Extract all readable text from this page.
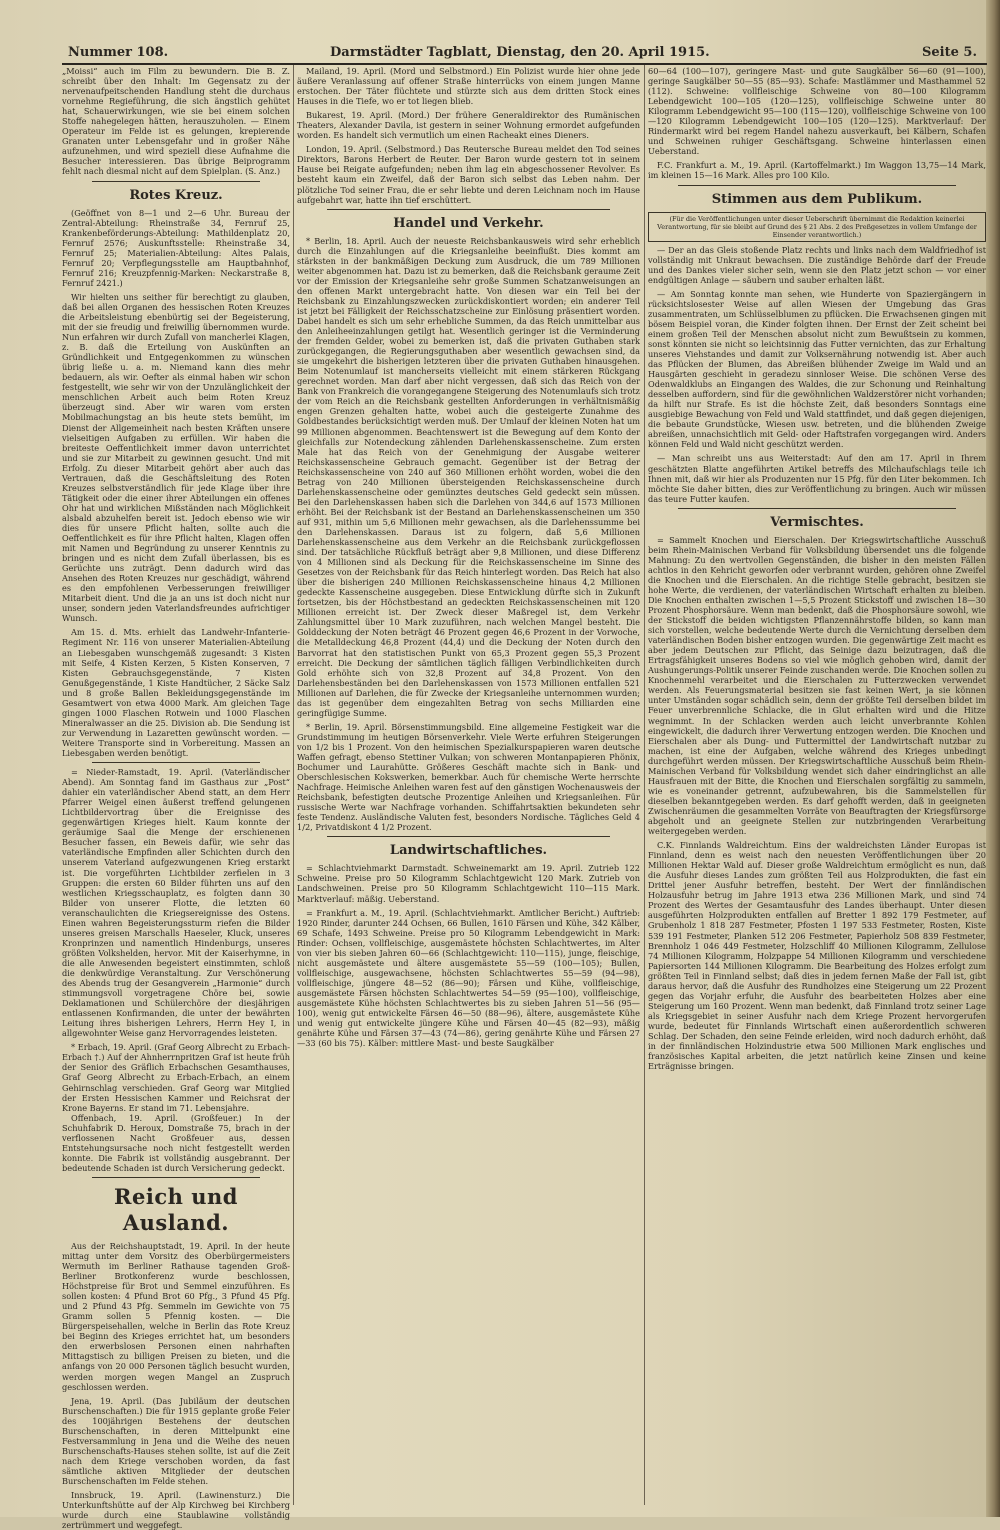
Nummer 108.	Darmstädter Tagblatt, Dienstag, den 20. April 1915.	Seite 5.

„Moissi“ auch im Film zu bewundern. Die B. Z. schreibt über den Inhalt: Im Gegensatz zu der nervenaufpeitschenden Handlung steht die durchaus vornehme Regieführung, die sich ängstlich gehütet hat, Schauerwirkungen, wie sie bei einem solchen Stoffe nahegelegen hätten, herauszuholen. — Einem Operateur im Felde ist es gelungen, krepierende Granaten unter Lebensgefahr und in großer Nähe aufzunehmen, und wird speziell diese Aufnahme die Besucher interessieren. Das übrige Beiprogramm fehlt nach diesmal nicht auf dem Spielplan. (S. Anz.)

Rotes Kreuz.

(Geöffnet von 8—1 und 2—6 Uhr. Bureau der Zentral-Abteilung: Rheinstraße 34, Fernruf 25, Krankenbeförderungs-Abteilung: Mathildenplatz 20, Fernruf 2576; Auskunftsstelle: Rheinstraße 34, Fernruf 25; Materialien-Abteilung: Altes Palais, Fernruf 20; Verpflegungsstelle am Hauptbahnhof, Fernruf 216; Kreuzpfennig-Marken: Neckarstraße 8, Fernruf 2421.)

Wir hielten uns seither für berechtigt zu glauben, daß bei allen Organen des hessischen Roten Kreuzes die Arbeitsleistung ebenbürtig sei der Begeisterung, mit der sie freudig und freiwillig übernommen wurde. Nun erfahren wir durch Zufall von mancherlei Klagen, z. B. daß die Erteilung von Auskünften an Gründlichkeit und Entgegenkommen zu wünschen übrig ließe u. a. m. Niemand kann dies mehr bedauern, als wir. Oefter als einmal haben wir schon festgestellt, wie sehr wir von der Unzulänglichkeit der menschlichen Arbeit auch beim Roten Kreuz überzeugt sind. Aber wir waren vom ersten Mobilmachungstag an bis heute stets bemüht, im Dienst der Allgemeinheit nach besten Kräften unsere vielseitigen Aufgaben zu erfüllen. Wir haben die breiteste Oeffentlichkeit immer davon unterrichtet und sie zur Mitarbeit zu gewinnen gesucht. Und mit Erfolg. Zu dieser Mitarbeit gehört aber auch das Vertrauen, daß die Geschäftsleitung des Roten Kreuzes selbstverständlich für jede Klage über ihre Tätigkeit oder die einer ihrer Abteilungen ein offenes Ohr hat und wirklichen Mißständen nach Möglichkeit alsbald abzuhelfen bereit ist. Jedoch ebenso wie wir dies für unsere Pflicht halten, sollte auch die Oeffentlichkeit es für ihre Pflicht halten, Klagen offen mit Namen und Begründung zu unserer Kenntnis zu bringen und es nicht dem Zufall überlassen, bis es Gerüchte uns zuträgt. Denn dadurch wird das Ansehen des Roten Kreuzes nur geschädigt, während es den empfohlenen Verbesserungen freiwilliger Mitarbeit dient. Und die ja an uns ist doch nicht nur unser, sondern jeden Vaterlandsfreundes aufrichtiger Wunsch.

Am 15. d. Mts. erhielt das Landwehr-Infanterie-Regiment Nr. 116 von unserer Materialien-Abteilung an Liebesgaben wunschgemäß zugesandt: 3 Kisten mit Seife, 4 Kisten Kerzen, 5 Kisten Konserven, 7 Kisten Gebrauchsgegenstände, 7 Kisten Genußgegenstände, 1 Kiste Handtücher, 2 Säcke Salz und 8 große Ballen Bekleidungsgegenstände im Gesamtwert von etwa 4000 Mark. Am gleichen Tage gingen 1000 Flaschen Rotwein und 1000 Flaschen Mineralwasser an die 25. Division ab. Die Sendung ist zur Verwendung in Lazaretten gewünscht worden. — Weitere Transporte sind in Vorbereitung. Massen an Liebesgaben werden benötigt.

= Nieder-Ramstadt, 19. April. (Vaterländischer Abend). Am Sonntag fand im Gasthaus zur „Post“ dahier ein vaterländischer Abend statt, an dem Herr Pfarrer Weigel einen äußerst treffend gelungenen Lichtbildervortrag über die Ereignisse des gegenwärtigen Krieges hielt. Kaum konnte der geräumige Saal die Menge der erschienenen Besucher fassen, ein Beweis dafür, wie sehr das vaterländische Empfinden aller Schichten durch den unserem Vaterland aufgezwungenen Krieg erstarkt ist. Die vorgeführten Lichtbilder zerfielen in 3 Gruppen: die ersten 60 Bilder führten uns auf den westlichen Kriegsschauplatz, es folgten dann 30 Bilder von unserer Flotte, die letzten 60 veranschaulichten die Kriegsereignisse des Ostens. Einen wahren Begeisterungssturm riefen die Bilder unseres greisen Marschalls Haeseler, Kluck, unseres Kronprinzen und namentlich Hindenburgs, unseres größten Volkshelden, hervor. Mit der Kaiserhymne, in die alle Anwesenden begeistert einstimmten, schloß die denkwürdige Veranstaltung. Zur Verschönerung des Abends trug der Gesangverein „Harmonie“ durch stimmungsvoll vorgetragene Chöre bei, sowie Deklamationen und Schülerchöre der diesjährigen entlassenen Konfirmanden, die unter der bewährten Leitung ihres bisherigen Lehrers, Herrn Hey I, in allgewohnter Weise ganz Hervorragendes leisteten.

* Erbach, 19. April. (Graf Georg Albrecht zu Erbach-Erbach †.) Auf der Ahnherrnpritzen Graf ist heute früh der Senior des Gräflich Erbachschen Gesamthauses, Graf Georg Albrecht zu Erbach-Erbach, an einem Gehirnschlag verschieden. Graf Georg war Mitglied der Ersten Hessischen Kammer und Reichsrat der Krone Bayerns. Er stand im 71. Lebensjahre.

Offenbach, 19. April. (Großfeuer.) In der Schuhfabrik D. Heroux, Domstraße 75, brach in der verflossenen Nacht Großfeuer aus, dessen Entstehungsursache noch nicht festgestellt werden konnte. Die Fabrik ist vollständig ausgebrannt. Der bedeutende Schaden ist durch Versicherung gedeckt.

Reich und Ausland.

Aus der Reichshauptstadt, 19. April. In der heute mittag unter dem Vorsitz des Oberbürgermeisters Wermuth im Berliner Rathause tagenden Groß-Berliner Brotkonferenz wurde beschlossen, Höchstpreise für Brot und Semmel einzuführen. Es sollen kosten: 4 Pfund Brot 60 Pfg., 3 Pfund 45 Pfg. und 2 Pfund 43 Pfg. Semmeln im Gewichte von 75 Gramm sollen 5 Pfennig kosten. — Die Bürgerspeisehallen, welche in Berlin das Rote Kreuz bei Beginn des Krieges errichtet hat, um besonders den erwerbslosen Personen einen nahrhaften Mittagstisch zu billigen Preisen zu bieten, und die anfangs von 20 000 Personen täglich besucht wurden, werden morgen wegen Mangel an Zuspruch geschlossen werden.

Jena, 19. April. (Das Jubiläum der deutschen Burschenschaften.) Die für 1915 geplante große Feier des 100jährigen Bestehens der deutschen Burschenschaften, in deren Mittelpunkt eine Festversammlung in Jena und die Weihe des neuen Burschenschafts-Hauses stehen sollte, ist auf die Zeit nach dem Kriege verschoben worden, da fast sämtliche aktiven Mitglieder der deutschen Burschenschaften im Felde stehen.

Innsbruck, 19. April. (Lawinensturz.) Die Unterkunftshütte auf der Alp Kirchweg bei Kirchberg wurde durch eine Staublawine vollständig zertrümmert und weggefegt.

Mailand, 19. April. (Mord und Selbstmord.) Ein Polizist wurde hier ohne jede äußere Veranlassung auf offener Straße hinterrücks von einem jungen Manne erstochen. Der Täter flüchtete und stürzte sich aus dem dritten Stock eines Hauses in die Tiefe, wo er tot liegen blieb.

Bukarest, 19. April. (Mord.) Der frühere Generaldirektor des Rumänischen Theaters, Alexander Davila, ist gestern in seiner Wohnung ermordet aufgefunden worden. Es handelt sich vermutlich um einen Racheakt eines Dieners.

London, 19. April. (Selbstmord.) Das Reutersche Bureau meldet den Tod seines Direktors, Barons Herbert de Reuter. Der Baron wurde gestern tot in seinem Hause bei Reigate aufgefunden; neben ihm lag ein abgeschossener Revolver. Es besteht kaum ein Zweifel, daß der Baron sich selbst das Leben nahm. Der plötzliche Tod seiner Frau, die er sehr liebte und deren Leichnam noch im Hause aufgebahrt war, hatte ihn tief erschüttert.

Handel und Verkehr.

* Berlin, 18. April. Auch der neueste Reichsbankausweis wird sehr erheblich durch die Einzahlungen auf die Kriegsanleihe beeinflußt. Dies kommt am stärksten in der bankmäßigen Deckung zum Ausdruck, die um 789 Millionen weiter abgenommen hat. Dazu ist zu bemerken, daß die Reichsbank geraume Zeit vor der Emission der Kriegsanleihe sehr große Summen Schatzanweisungen an den offenen Markt untergebracht hatte. Von diesen war ein Teil bei der Reichsbank zu Einzahlungszwecken zurückdiskontiert worden; ein anderer Teil ist jetzt bei Fälligkeit der Reichsschatzscheine zur Einlösung präsentiert worden. Dabei handelt es sich um sehr erhebliche Summen, da das Reich unmittelbar aus den Anleiheeinzahlungen getilgt hat. Wesentlich geringer ist die Verminderung der fremden Gelder, wobei zu bemerken ist, daß die privaten Guthaben stark zurückgegangen, die Regierungsguthaben aber wesentlich gewachsen sind, da sie umgekehrt die bisherigen letzteren über die privaten Guthaben hinausgehen. Beim Notenumlauf ist mancherseits vielleicht mit einem stärkeren Rückgang gerechnet worden. Man darf aber nicht vergessen, daß sich das Reich von der Bank von Frankreich die vorangegangene Steigerung des Notenumlaufs sich trotz der vom Reich an die Reichsbank gestellten Anforderungen in verhältnismäßig engen Grenzen gehalten hatte, wobei auch die gesteigerte Zunahme des Goldbestandes berücksichtigt werden muß. Der Umlauf der kleinen Noten hat um 99 Millionen abgenommen. Beachtenswert ist die Bewegung auf dem Konto der gleichfalls zur Notendeckung zählenden Darlehenskassenscheine. Zum ersten Male hat das Reich von der Genehmigung der Ausgabe weiterer Reichskassenscheine Gebrauch gemacht. Gegenüber ist der Betrag der Reichskassenscheine von 240 auf 360 Millionen erhöht worden, wobei die den Betrag von 240 Millionen übersteigenden Reichskassenscheine durch Darlehenskassenscheine oder gemünztes deutsches Geld gedeckt sein müssen. Bei den Darlehenskassen haben sich die Darlehen von 344,6 auf 1573 Millionen erhöht. Bei der Reichsbank ist der Bestand an Darlehenskassenscheinen um 350 auf 931, mithin um 5,6 Millionen mehr gewachsen, als die Darlehenssumme bei den Darlehenskassen. Daraus ist zu folgern, daß 5,6 Millionen Darlehenskassenscheine aus dem Verkehr an die Reichsbank zurückgeflossen sind. Der tatsächliche Rückfluß beträgt aber 9,8 Millionen, und diese Differenz von 4 Millionen sind als Deckung für die Reichskassenscheine im Sinne des Gesetzes von der Reichsbank für das Reich hinterlegt worden. Das Reich hat also über die bisherigen 240 Millionen Reichskassenscheine hinaus 4,2 Millionen gedeckte Kassenscheine ausgegeben. Diese Entwicklung dürfte sich in Zukunft fortsetzen, bis der Höchstbestand an gedeckten Reichskassenscheinen mit 120 Millionen erreicht ist. Der Zweck dieser Maßregel ist, dem Verkehr Zahlungsmittel über 10 Mark zuzuführen, nach welchen Mangel besteht. Die Golddeckung der Noten beträgt 46 Prozent gegen 46,6 Prozent in der Vorwoche, die Metalldeckung 46,8 Prozent (44,4) und die Deckung der Noten durch den Barvorrat hat den statistischen Punkt von 65,3 Prozent gegen 55,3 Prozent erreicht. Die Deckung der sämtlichen täglich fälligen Verbindlichkeiten durch Gold erhöhte sich von 32,8 Prozent auf 34,8 Prozent. Von den Darlehensbeständen bei den Darlehenskassen von 1573 Millionen entfallen 521 Millionen auf Darlehen, die für Zwecke der Kriegsanleihe unternommen wurden; das ist gegenüber dem eingezahlten Betrag von sechs Milliarden eine geringfügige Summe.

* Berlin, 19. April. Börsenstimmungsbild. Eine allgemeine Festigkeit war die Grundstimmung im heutigen Börsenverkehr. Viele Werte erfuhren Steigerungen von 1/2 bis 1 Prozent. Von den heimischen Spezialkurspapieren waren deutsche Waffen gefragt, ebenso Stettiner Vulkan; von schweren Montanpapieren Phönix, Bochumer und Laurahütte. Größeres Geschäft machte sich in Bank- und Oberschlesischen Kokswerken, bemerkbar. Auch für chemische Werte herrschte Nachfrage. Heimische Anleihen waren fest auf den gänstigen Wochenausweis der Reichsbank, befestigten deutsche Prozentige Anleihen und Kriegsanleihen. Für russische Werte war Nachfrage vorhanden. Schiffahrtsaktien bekundeten sehr feste Tendenz. Ausländische Valuten fest, besonders Nordische. Tägliches Geld 4 1/2, Privatdiskont 4 1/2 Prozent.

Landwirtschaftliches.

= Schlachtviehmarkt Darmstadt. Schweinemarkt am 19. April. Zutrieb 122 Schweine. Preise pro 50 Kilogramm Schlachtgewicht 120 Mark. Zutrieb von Landschweinen. Preise pro 50 Kilogramm Schlachtgewicht 110—115 Mark. Marktverlauf: mäßig. Ueberstand.

= Frankfurt a. M., 19. April. (Schlachtviehmarkt. Amtlicher Bericht.) Auftrieb: 1920 Rinder, darunter 244 Ochsen, 66 Bullen, 1610 Färsen und Kühe, 342 Kälber, 69 Schafe, 1493 Schweine. Preise pro 50 Kilogramm Lebendgewicht in Mark: Rinder: Ochsen, vollfleischige, ausgemästete höchsten Schlachtwertes, im Alter von vier bis sieben Jahren 60—66 (Schlachtgewicht: 110—115), junge, fleischige, nicht ausgemästete und ältere ausgemästete 55—59 (100—105); Bullen, vollfleischige, ausgewachsene, höchsten Schlachtwertes 55—59 (94—98), vollfleischige, jüngere 48—52 (86—90); Färsen und Kühe, vollfleischige, ausgemästete Färsen höchsten Schlachtwertes 54—59 (95—100), vollfleischige, ausgemästete Kühe höchsten Schlachtwertes bis zu sieben Jahren 51—56 (95—100), wenig gut entwickelte Färsen 46—50 (88—96), ältere, ausgemästete Kühe und wenig gut entwickelte jüngere Kühe und Färsen 40—45 (82—93), mäßig genährte Kühe und Färsen 37—43 (74—86), gering genährte Kühe und Färsen 27—33 (60 bis 75). Kälber: mittlere Mast- und beste Saugkälber

60—64 (100—107), geringere Mast- und gute Saugkälber 56—60 (91—100), geringe Saugkälber 50—55 (85—93). Schafe: Mastlämmer und Masthammel 52 (112). Schweine: vollfleischige Schweine von 80—100 Kilogramm Lebendgewicht 100—105 (120—125), vollfleischige Schweine unter 80 Kilogramm Lebendgewicht 95—100 (115—120), vollfleischige Schweine von 100—120 Kilogramm Lebendgewicht 100—105 (120—125). Marktverlauf: Der Rindermarkt wird bei regem Handel nahezu ausverkauft, bei Kälbern, Schafen und Schweinen ruhiger Geschäftsgang. Schweine hinterlassen einen Ueberstand.

F.C. Frankfurt a. M., 19. April. (Kartoffelmarkt.) Im Waggon 13,75—14 Mark, im kleinen 15—16 Mark. Alles pro 100 Kilo.

Stimmen aus dem Publikum.
(Für die Veröffentlichungen unter dieser Ueberschrift übernimmt die Redaktion keinerlei Verantwortung, für sie bleibt auf Grund des § 21 Abs. 2 des Preßgesetzes in vollem Umfange der Einsender verantwortlich.)

— Der an das Gleis stoßende Platz rechts und links nach dem Waldfriedhof ist vollständig mit Unkraut bewachsen. Die zuständige Behörde darf der Freude und des Dankes vieler sicher sein, wenn sie den Platz jetzt schon — vor einer endgültigen Anlage — säubern und sauber erhalten läßt.

— Am Sonntag konnte man sehen, wie Hunderte von Spaziergängern in rücksichtslosester Weise auf allen Wiesen der Umgebung das Gras zusammentraten, um Schlüsselblumen zu pflücken. Die Erwachsenen gingen mit bösem Beispiel voran, die Kinder folgten ihnen. Der Ernst der Zeit scheint bei einem großen Teil der Menschen absolut nicht zum Bewußtsein zu kommen, sonst könnten sie nicht so leichtsinnig das Futter vernichten, das zur Erhaltung unseres Viehstandes und damit zur Volksernährung notwendig ist. Aber auch das Pflücken der Blumen, das Abreißen blühender Zweige im Wald und an Hausgärten geschieht in geradezu sinnloser Weise. Die schönen Verse des Odenwaldklubs an Eingangen des Waldes, die zur Schonung und Reinhaltung desselben auffordern, sind für die gewöhnlichen Waldzerstörer nicht vorhanden; da hilft nur Strafe. Es ist die höchste Zeit, daß besonders Sonntags eine ausgiebige Bewachung von Feld und Wald stattfindet, und daß gegen diejenigen, die bebaute Grundstücke, Wiesen usw. betreten, und die blühenden Zweige abreißen, unnachsichtlich mit Geld- oder Haftstrafen vorgegangen wird. Anders können Feld und Wald nicht geschützt werden.

— Man schreibt uns aus Weiterstadt: Auf den am 17. April in Ihrem geschätzten Blatte angeführten Artikel betreffs des Milchaufschlags teile ich Ihnen mit, daß wir hier als Produzenten nur 15 Pfg. für den Liter bekommen. Ich möchte Sie daher bitten, dies zur Veröffentlichung zu bringen. Auch wir müssen das teure Futter kaufen.

Vermischtes.

= Sammelt Knochen und Eierschalen. Der Kriegswirtschaftliche Ausschuß beim Rhein-Mainischen Verband für Volksbildung übersendet uns die folgende Mahnung: Zu den wertvollen Gegenständen, die bisher in den meisten Fällen achtlos in den Kehricht geworfen oder verbrannt wurden, gehören ohne Zweifel die Knochen und die Eierschalen. An die richtige Stelle gebracht, besitzen sie hohe Werte, die verdienen, der vaterländischen Wirtschaft erhalten zu bleiben. Die Knochen enthalten zwischen 1—5,5 Prozent Stickstoff und zwischen 18—30 Prozent Phosphorsäure. Wenn man bedenkt, daß die Phosphorsäure sowohl, wie der Stickstoff die beiden wichtigsten Pflanzennährstoffe bilden, so kann man sich vorstellen, welche bedeutende Werte durch die Vernichtung derselben dem vaterländischen Boden bisher entzogen wurden. Die gegenwärtige Zeit macht es aber jedem Deutschen zur Pflicht, das Seinige dazu beizutragen, daß die Ertragsfähigkeit unseres Bodens so viel wie möglich gehoben wird, damit der Aushungerungs-Politik unserer Feinde zuschanden werde. Die Knochen sollen zu Knochenmehl verarbeitet und die Eierschalen zu Futterzwecken verwendet werden. Als Feuerungsmaterial besitzen sie fast keinen Wert, ja sie können unter Umständen sogar schädlich sein, denn der größte Teil derselben bildet im Feuer unverbrennliche Schlacke, die in Glut erhalten wird und die Hitze wegnimmt. In der Schlacken werden auch leicht unverbrannte Kohlen eingewickelt, die dadurch ihrer Verwertung entzogen werden. Die Knochen und Eierschalen aber als Dung- und Futtermittel der Landwirtschaft nutzbar zu machen, ist eine der Aufgaben, welche während des Krieges unbedingt durchgeführt werden müssen. Der Kriegswirtschaftliche Ausschuß beim Rhein-Mainischen Verband für Volksbildung wendet sich daher eindringlichst an alle Hausfrauen mit der Bitte, die Knochen und Eierschalen sorgfältig zu sammeln, wie es voneinander getrennt, aufzubewahren, bis die Sammelstellen für dieselben bekanntgegeben werden. Es darf gehofft werden, daß in geeigneten Zwischenräumen die gesammelten Vorräte von Beauftragten der Kriegsfürsorge abgeholt und an geeignete Stellen zur nutzbringenden Verarbeitung weitergegeben werden.

C.K. Finnlands Waldreichtum. Eins der waldreichsten Länder Europas ist Finnland, denn es weist nach den neuesten Veröffentlichungen über 20 Millionen Hektar Wald auf. Dieser große Waldreichtum ermöglicht es nun, daß die Ausfuhr dieses Landes zum größten Teil aus Holzprodukten, die fast ein Drittel jener Ausfuhr betreffen, besteht. Der Wert der finnländischen Holzausfuhr betrug im Jahre 1913 etwa 236 Millionen Mark, und sind 74 Prozent des Wertes der Gesamtausfuhr des Landes überhaupt. Unter diesen ausgeführten Holzprodukten entfallen auf Bretter 1 892 179 Festmeter, auf Grubenholz 1 818 287 Festmeter, Pfosten 1 197 533 Festmeter, Rosten, Kiste 539 191 Festmeter, Planken 512 206 Festmeter, Papierholz 508 839 Festmeter, Brennholz 1 046 449 Festmeter, Holzschliff 40 Millionen Kilogramm, Zellulose 74 Millionen Kilogramm, Holzpappe 54 Millionen Kilogramm und verschiedene Papiersorten 144 Millionen Kilogramm. Die Bearbeitung des Holzes erfolgt zum größten Teil in Finnland selbst; daß dies in jedem fernen Maße der Fall ist, gibt daraus hervor, daß die Ausfuhr des Rundholzes eine Steigerung um 22 Prozent gegen das Vorjahr erfuhr, die Ausfuhr des bearbeiteten Holzes aber eine Steigerung um 160 Prozent. Wenn man bedenkt, daß Finnland trotz seiner Lage als Kriegsgebiet in seiner Ausfuhr nach dem Kriege Prozent hervorgerufen wurde, bedeutet für Finnlands Wirtschaft einen außerordentlich schweren Schlag. Der Schaden, den seine Feinde erleiden, wird noch dadurch erhöht, daß in der finnländischen Holzindustrie etwa 500 Millionen Mark englisches und französisches Kapital arbeiten, die jetzt natürlich keine Zinsen und keine Erträgnisse bringen.
